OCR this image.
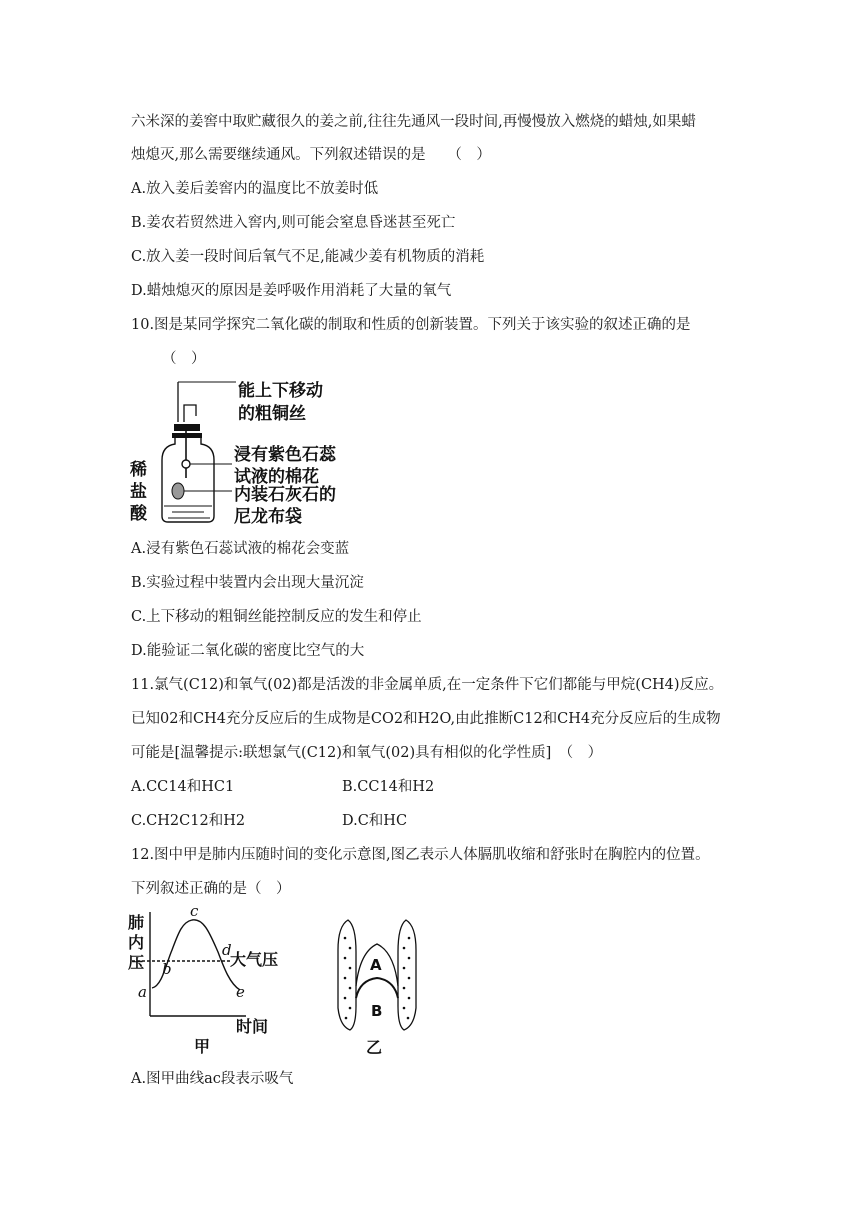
六米深的姜窖中取贮藏很久的姜之前,往往先通风一段时间,再慢慢放入燃烧的蜡烛,如果蜡
烛熄灭,那么需要继续通风。下列叙述错误的是　　（　）
A.放入姜后姜窖内的温度比不放姜时低
B.姜农若贸然进入窖内,则可能会窒息昏迷甚至死亡
C.放入姜一段时间后氧气不足,能减少姜有机物质的消耗
D.蜡烛熄灭的原因是姜呼吸作用消耗了大量的氧气
10.图是某同学探究二氧化碳的制取和性质的创新装置。下列关于该实验的叙述正确的是
（　）
能上下移动
的粗铜丝
浸有紫色石蕊
试液的棉花
内装石灰石的
尼龙布袋
稀
盐
酸
A.浸有紫色石蕊试液的棉花会变蓝
B.实验过程中装置内会出现大量沉淀
C.上下移动的粗铜丝能控制反应的发生和停止
D.能验证二氧化碳的密度比空气的大
11.氯气(C12)和氧气(02)都是活泼的非金属单质,在一定条件下它们都能与甲烷(CH4)反应。
已知02和CH4充分反应后的生成物是CO2和H2O,由此推断C12和CH4充分反应后的生成物
可能是[温馨提示:联想氯气(C12)和氧气(02)具有相似的化学性质]　（　）
A.CC14和HC1	B.CC14和H2
C.CH2C12和H2	D.C和HC
12.图中甲是肺内压随时间的变化示意图,图乙表示人体膈肌收缩和舒张时在胸腔内的位置。
下列叙述正确的是（　）
肺
内
压
时间
大气压
a
b
c
d
e
甲
A
B
乙
A.图甲曲线ac段表示吸气
